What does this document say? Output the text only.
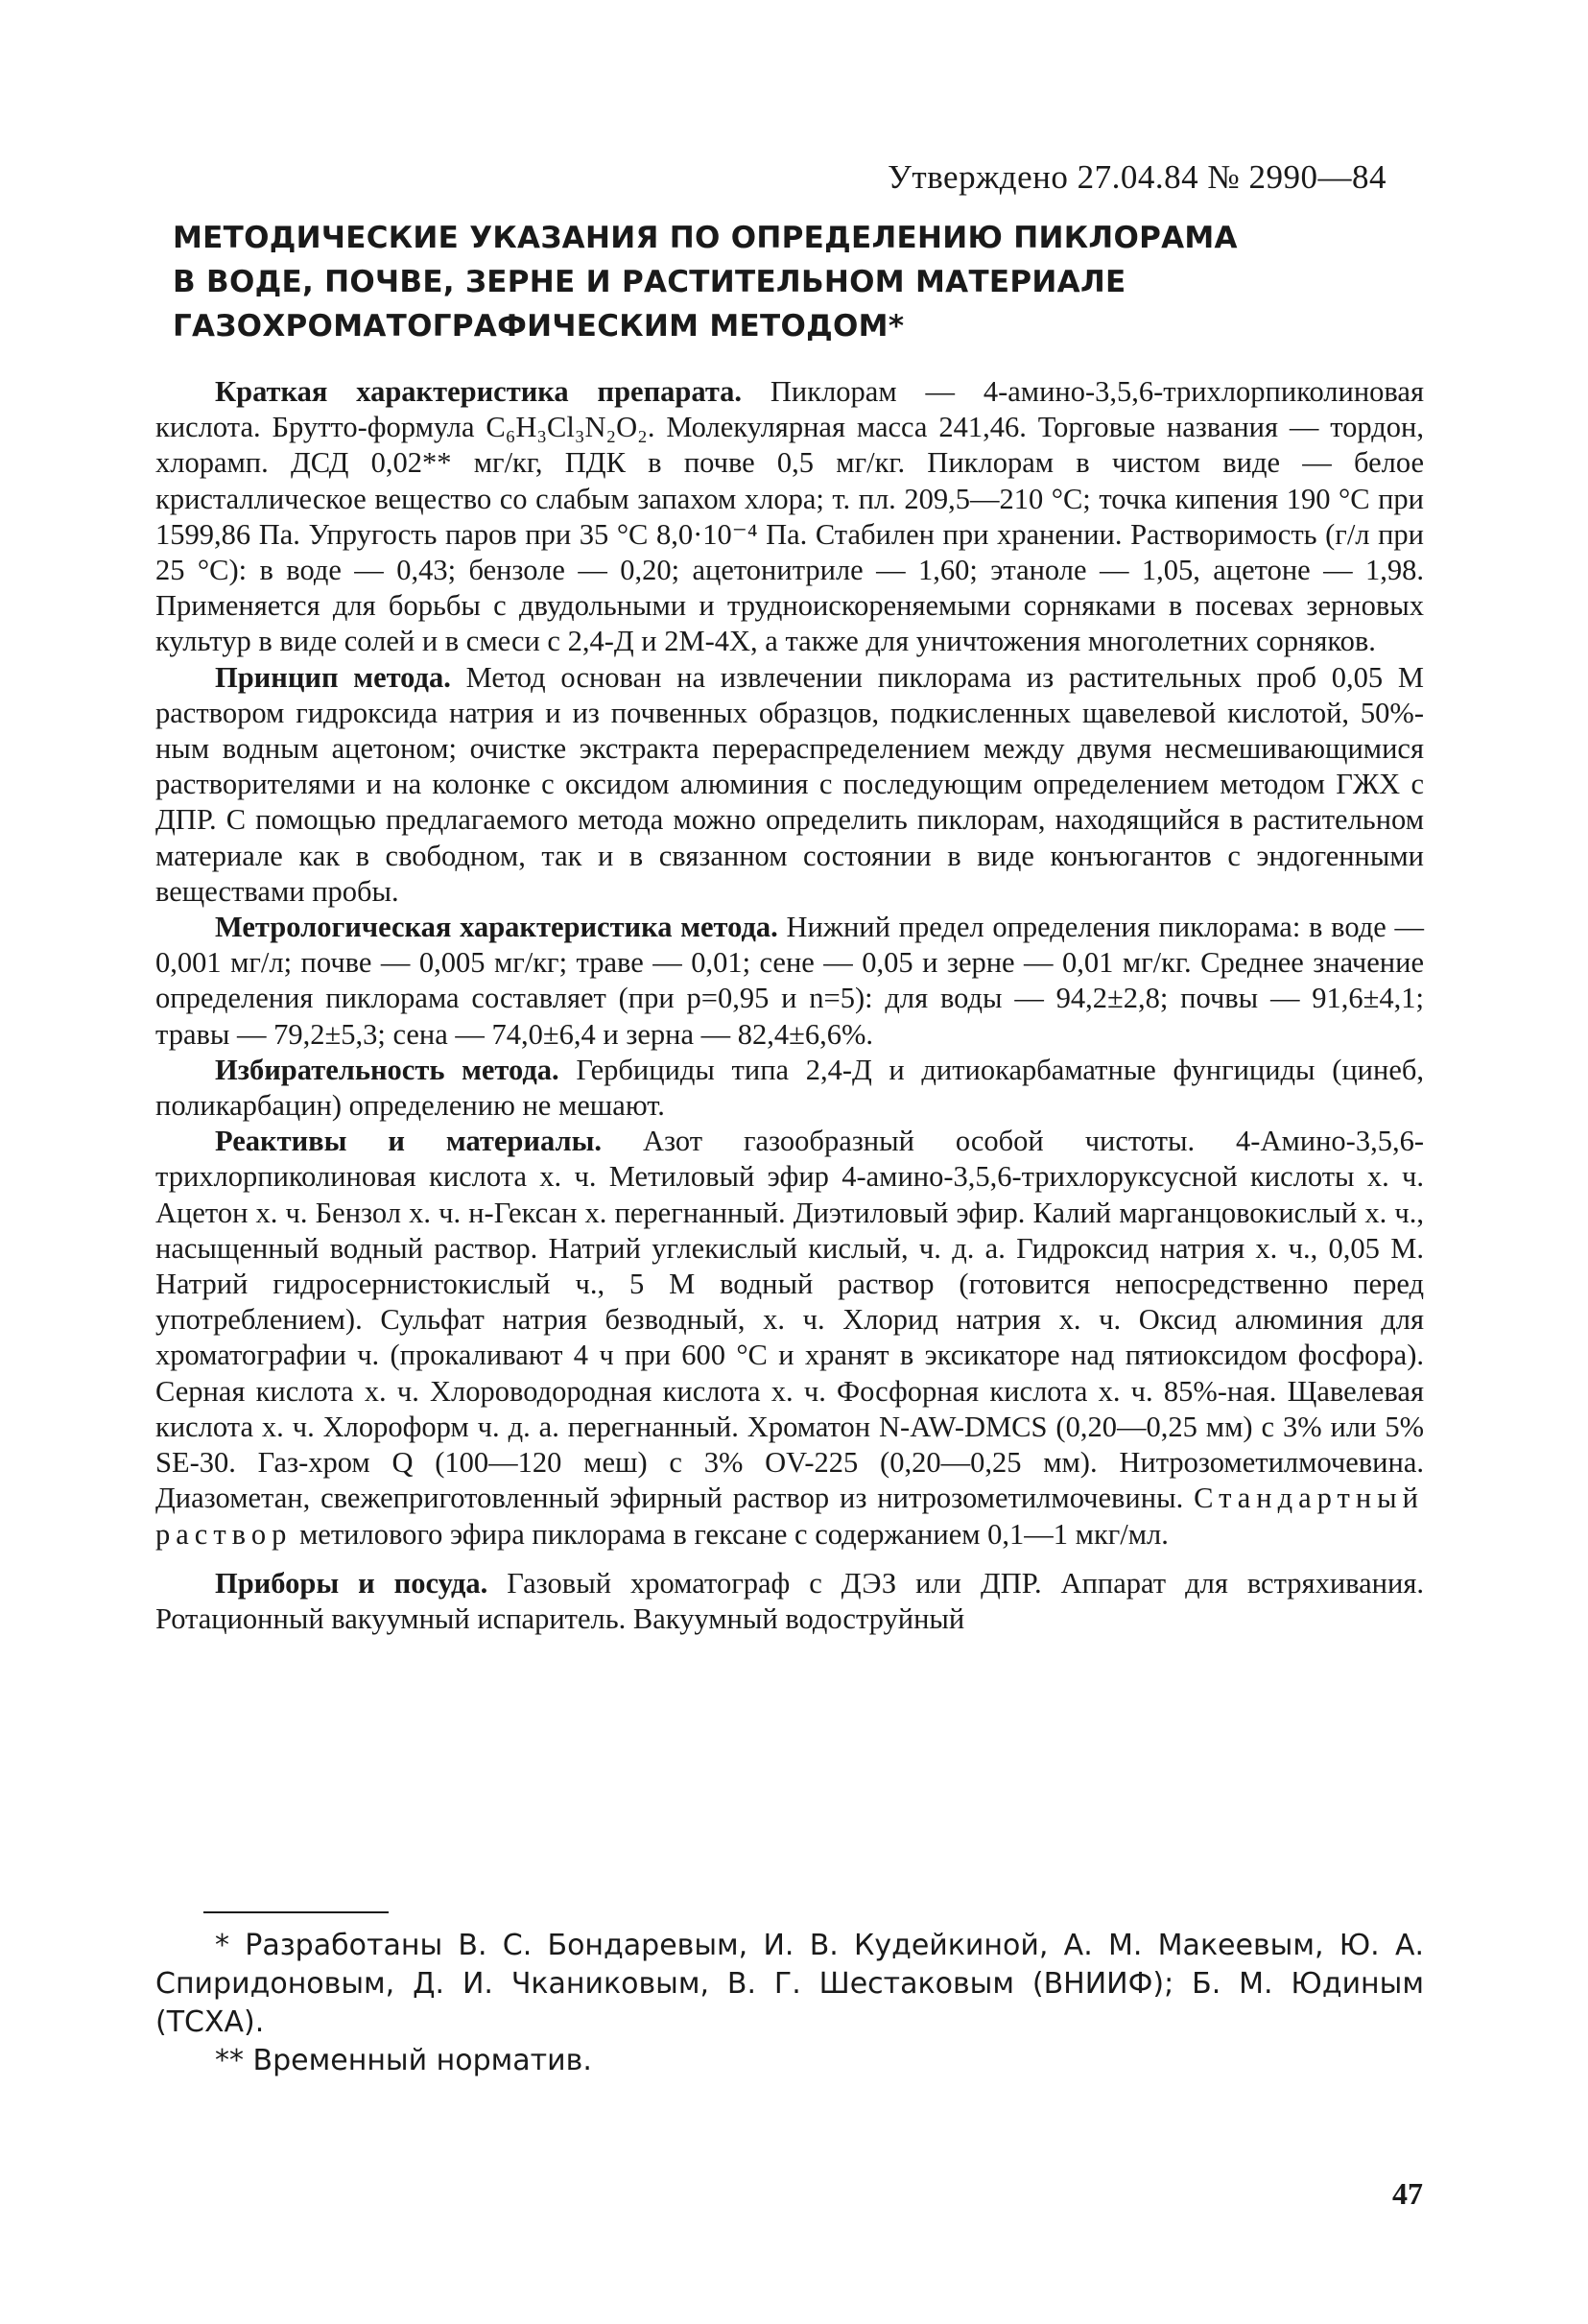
Утверждено 27.04.84 № 2990—84
МЕТОДИЧЕСКИЕ УКАЗАНИЯ ПО ОПРЕДЕЛЕНИЮ ПИКЛОРАМА
В ВОДЕ, ПОЧВЕ, ЗЕРНЕ И РАСТИТЕЛЬНОМ МАТЕРИАЛЕ
ГАЗОХРОМАТОГРАФИЧЕСКИМ МЕТОДОМ*

Краткая характеристика препарата. Пиклорам — 4-амино-3,5,6-трихлорпиколиновая кислота. Брутто-формула C₆H₃Cl₃N₂O₂. Молекулярная масса 241,46. Торговые названия — тордон, хлорамп. ДСД 0,02** мг/кг, ПДК в почве 0,5 мг/кг. Пиклорам в чистом виде — белое кристаллическое вещество со слабым запахом хлора; т. пл. 209,5—210 °С; точка кипения 190 °С при 1599,86 Па. Упругость паров при 35 °С 8,0·10⁻⁴ Па. Стабилен при хранении. Растворимость (г/л при 25 °С): в воде — 0,43; бензоле — 0,20; ацетонитриле — 1,60; этаноле — 1,05, ацетоне — 1,98. Применяется для борьбы с двудольными и трудноискореняемыми сорняками в посевах зерновых культур в виде солей и в смеси с 2,4-Д и 2М-4Х, а также для уничтожения многолетних сорняков.

Принцип метода. Метод основан на извлечении пиклорама из растительных проб 0,05 М раствором гидроксида натрия и из почвенных образцов, подкисленных щавелевой кислотой, 50%-ным водным ацетоном; очистке экстракта перераспределением между двумя несмешивающимися растворителями и на колонке с оксидом алюминия с последующим определением методом ГЖХ с ДПР. С помощью предлагаемого метода можно определить пиклорам, находящийся в растительном материале как в свободном, так и в связанном состоянии в виде конъюгантов с эндогенными веществами пробы.

Метрологическая характеристика метода. Нижний предел определения пиклорама: в воде — 0,001 мг/л; почве — 0,005 мг/кг; траве — 0,01; сене — 0,05 и зерне — 0,01 мг/кг. Среднее значение определения пиклорама составляет (при p=0,95 и n=5): для воды — 94,2±2,8; почвы — 91,6±4,1; травы — 79,2±5,3; сена — 74,0±6,4 и зерна — 82,4±6,6%.

Избирательность метода. Гербициды типа 2,4-Д и дитиокарбаматные фунгициды (цинеб, поликарбацин) определению не мешают.

Реактивы и материалы. Азот газообразный особой чистоты. 4-Амино-3,5,6-трихлорпиколиновая кислота х. ч. Метиловый эфир 4-амино-3,5,6-трихлоруксусной кислоты х. ч. Ацетон х. ч. Бензол х. ч. н-Гексан х. перегнанный. Диэтиловый эфир. Калий марганцовокислый х. ч., насыщенный водный раствор. Натрий углекислый кислый, ч. д. а. Гидроксид натрия х. ч., 0,05 М. Натрий гидросернистокислый ч., 5 М водный раствор (готовится непосредственно перед употреблением). Сульфат натрия безводный, х. ч. Хлорид натрия х. ч. Оксид алюминия для хроматографии ч. (прокаливают 4 ч при 600 °С и хранят в эксикаторе над пятиоксидом фосфора). Серная кислота х. ч. Хлороводородная кислота х. ч. Фосфорная кислота х. ч. 85%-ная. Щавелевая кислота х. ч. Хлороформ ч. д. а. перегнанный. Хроматон N-AW-DMCS (0,20—0,25 мм) с 3% или 5% SE-30. Газ-хром Q (100—120 меш) с 3% OV-225 (0,20—0,25 мм). Нитрозометилмочевина. Диазометан, свежеприготовленный эфирный раствор из нитрозометилмочевины. Стандартный раствор метилового эфира пиклорама в гексане с содержанием 0,1—1 мкг/мл.

Приборы и посуда. Газовый хроматограф с ДЭЗ или ДПР. Аппарат для встряхивания. Ротационный вакуумный испаритель. Вакуумный водоструйный

* Разработаны В. С. Бондаревым, И. В. Кудейкиной, А. М. Макеевым, Ю. А. Спиридоновым, Д. И. Чканиковым, В. Г. Шестаковым (ВНИИФ); Б. М. Юдиным (ТСХА).

** Временный норматив.

47
